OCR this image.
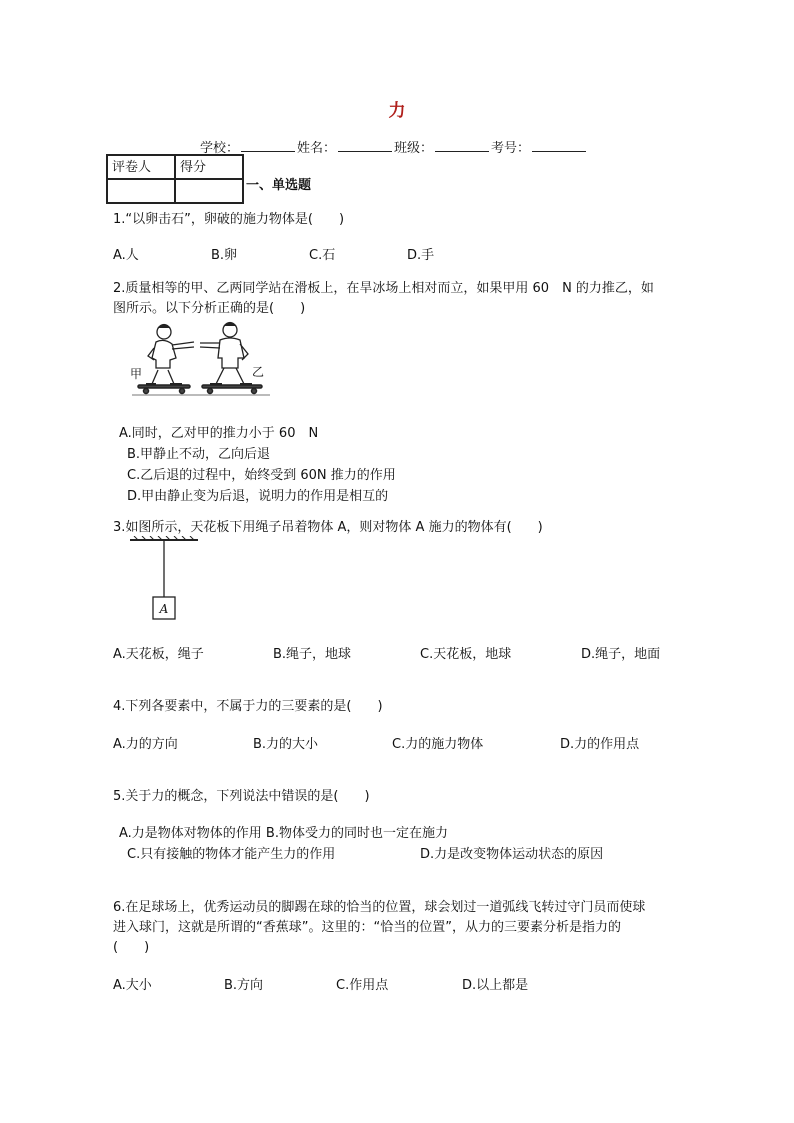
力
学校：	姓名：	班级：	考号：
评卷人	得分

一、单选题
1.“以卵击石”，卵破的施力物体是(　　)
A.人	B.卵	C.石	D.手
2.质量相等的甲、乙两同学站在滑板上，在旱冰场上相对而立，如果甲用 60　N 的力推乙，如
图所示。以下分析正确的是(　　)
甲	乙
A.同时，乙对甲的推力小于 60　N
B.甲静止不动，乙向后退
C.乙后退的过程中，始终受到 60N 推力的作用
D.甲由静止变为后退，说明力的作用是相互的
3.如图所示，天花板下用绳子吊着物体 A，则对物体 A 施力的物体有(　　)
A
A.天花板，绳子	B.绳子，地球	C.天花板，地球	D.绳子，地面
4.下列各要素中，不属于力的三要素的是(　　)
A.力的方向	B.力的大小	C.力的施力物体	D.力的作用点
5.关于力的概念，下列说法中错误的是(　　)
A.力是物体对物体的作用 B.物体受力的同时也一定在施力
C.只有接触的物体才能产生力的作用	D.力是改变物体运动状态的原因
6.在足球场上，优秀运动员的脚踢在球的恰当的位置，球会划过一道弧线飞转过守门员而使球
进入球门，这就是所谓的“香蕉球”。这里的：“恰当的位置”，从力的三要素分析是指力的
(　　)
A.大小	B.方向	C.作用点	D.以上都是
